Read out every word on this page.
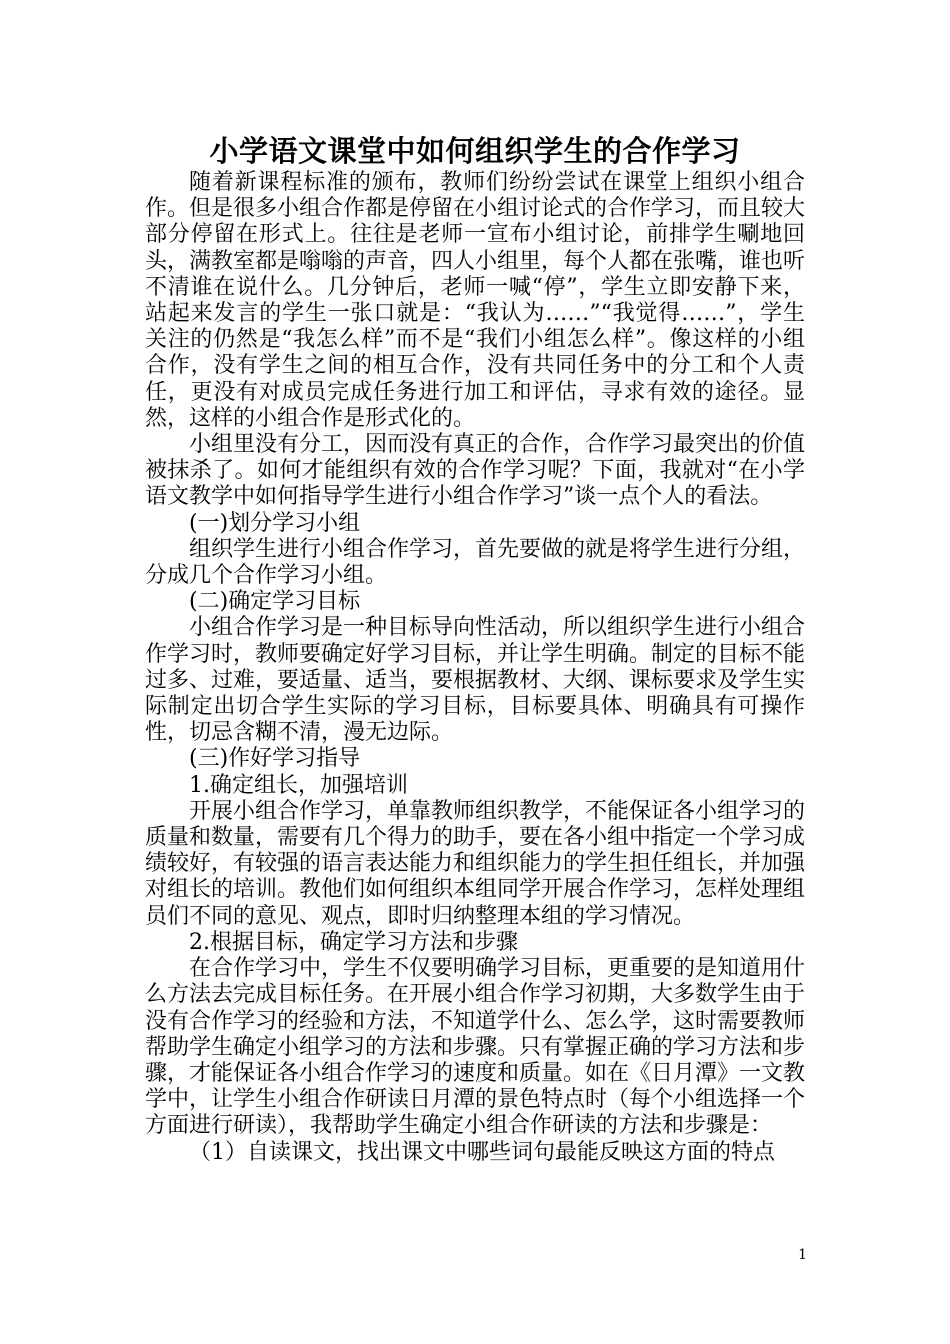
小学语文课堂中如何组织学生的合作学习

随着新课程标准的颁布，教师们纷纷尝试在课堂上组织小组合作。但是很多小组合作都是停留在小组讨论式的合作学习，而且较大部分停留在形式上。往往是老师一宣布小组讨论，前排学生唰地回头，满教室都是嗡嗡的声音，四人小组里，每个人都在张嘴，谁也听不清谁在说什么。几分钟后，老师一喊“停”，学生立即安静下来，站起来发言的学生一张口就是：“我认为……”“我觉得……”，学生关注的仍然是“我怎么样”而不是“我们小组怎么样”。像这样的小组合作，没有学生之间的相互合作，没有共同任务中的分工和个人责任，更没有对成员完成任务进行加工和评估，寻求有效的途径。显然，这样的小组合作是形式化的。

小组里没有分工，因而没有真正的合作，合作学习最突出的价值被抹杀了。如何才能组织有效的合作学习呢？下面，我就对“在小学语文教学中如何指导学生进行小组合作学习”谈一点个人的看法。

(一)划分学习小组

组织学生进行小组合作学习，首先要做的就是将学生进行分组，分成几个合作学习小组。

(二)确定学习目标

小组合作学习是一种目标导向性活动，所以组织学生进行小组合作学习时，教师要确定好学习目标，并让学生明确。制定的目标不能过多、过难，要适量、适当，要根据教材、大纲、课标要求及学生实际制定出切合学生实际的学习目标，目标要具体、明确具有可操作性，切忌含糊不清，漫无边际。

(三)作好学习指导

1.确定组长，加强培训

开展小组合作学习，单靠教师组织教学，不能保证各小组学习的质量和数量，需要有几个得力的助手，要在各小组中指定一个学习成绩较好，有较强的语言表达能力和组织能力的学生担任组长，并加强对组长的培训。教他们如何组织本组同学开展合作学习，怎样处理组员们不同的意见、观点，即时归纳整理本组的学习情况。

2.根据目标，确定学习方法和步骤

在合作学习中，学生不仅要明确学习目标，更重要的是知道用什么方法去完成目标任务。在开展小组合作学习初期，大多数学生由于没有合作学习的经验和方法，不知道学什么、怎么学，这时需要教师帮助学生确定小组学习的方法和步骤。只有掌握正确的学习方法和步骤，才能保证各小组合作学习的速度和质量。如在《日月潭》一文教学中，让学生小组合作研读日月潭的景色特点时（每个小组选择一个方面进行研读），我帮助学生确定小组合作研读的方法和步骤是：

（1）自读课文，找出课文中哪些词句最能反映这方面的特点

1
